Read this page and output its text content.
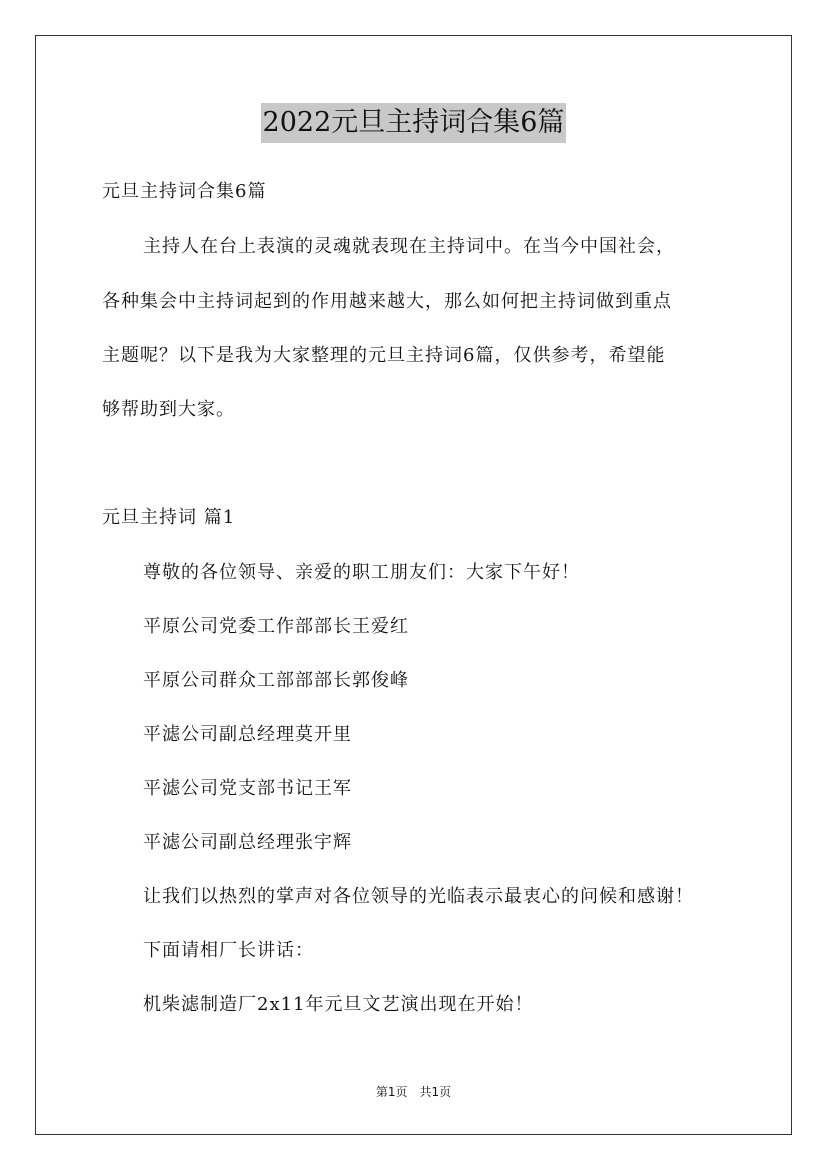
2022元旦主持词合集6篇
元旦主持词合集6篇
主持人在台上表演的灵魂就表现在主持词中。在当今中国社会，
各种集会中主持词起到的作用越来越大，那么如何把主持词做到重点
主题呢？以下是我为大家整理的元旦主持词6篇，仅供参考，希望能
够帮助到大家。
元旦主持词 篇1
尊敬的各位领导、亲爱的职工朋友们：大家下午好！
平原公司党委工作部部长王爱红
平原公司群众工部部部长郭俊峰
平滤公司副总经理莫开里
平滤公司党支部书记王军
平滤公司副总经理张宇辉
让我们以热烈的掌声对各位领导的光临表示最衷心的问候和感谢！
下面请相厂长讲话：
机柴滤制造厂2x11年元旦文艺演出现在开始！
第1页　共1页
